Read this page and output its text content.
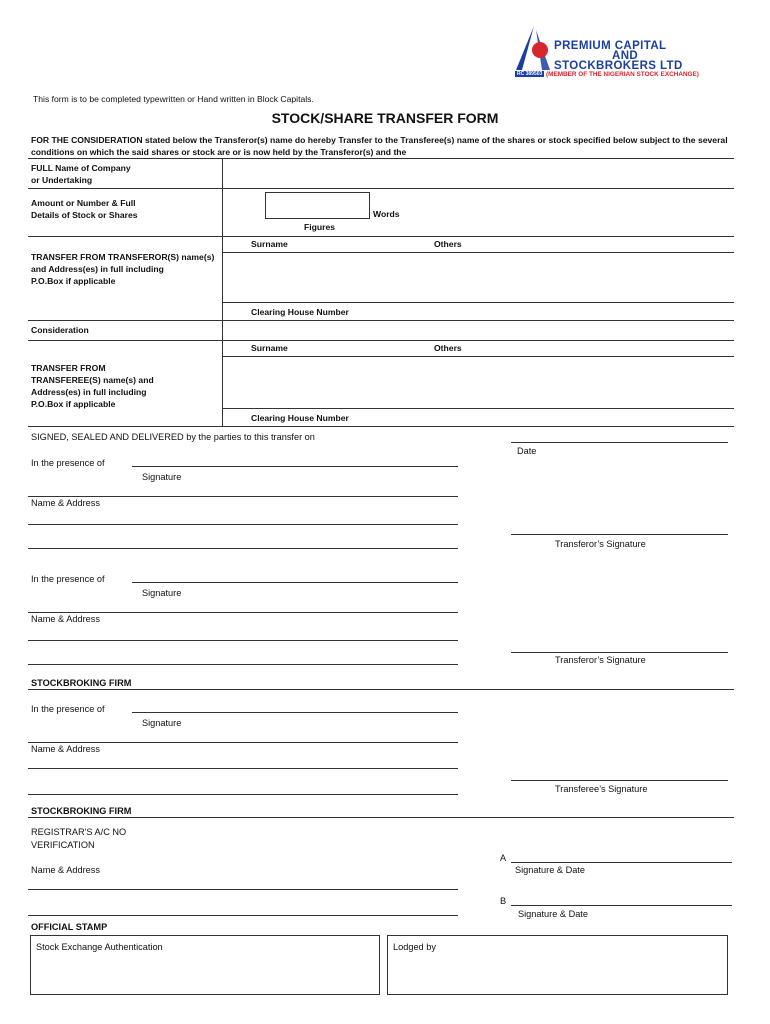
PREMIUM CAPITAL
AND
STOCKBROKERS LTD
RC 389503 (MEMBER OF THE NIGERIAN STOCK EXCHANGE)
This form is to be completed typewritten or Hand written in Block Capitals.
STOCK/SHARE TRANSFER FORM
FOR THE CONSIDERATION stated below the Transferor(s) name do hereby Transfer to the Transferee(s) name of the shares or stock specified below subject to the several conditions on which the said shares or stock are or is now held by the Transferor(s) and the
FULL Name of Company
or Undertaking
Amount or Number & Full
Details of Stock or Shares	Words
Figures
Surname	Others
TRANSFER FROM TRANSFEROR(S) name(s)
and Address(es) in full including
P.O.Box if applicable
Clearing House Number
Consideration
Surname	Others
TRANSFER FROM
TRANSFEREE(S) name(s) and
Address(es) in full including
P.O.Box if applicable
Clearing House Number
SIGNED, SEALED AND DELIVERED by the parties to this transfer on
Date
In the presence of
Signature
Name & Address
Transferor’s Signature
In the presence of
Signature
Name & Address
Transferor’s Signature
STOCKBROKING FIRM
In the presence of
Signature
Name & Address
Transferee’s Signature
STOCKBROKING FIRM
REGISTRAR'S A/C NO
VERIFICATION
A
Signature & Date
Name & Address
B
Signature & Date
OFFICIAL STAMP
Stock Exchange Authentication	Lodged by
